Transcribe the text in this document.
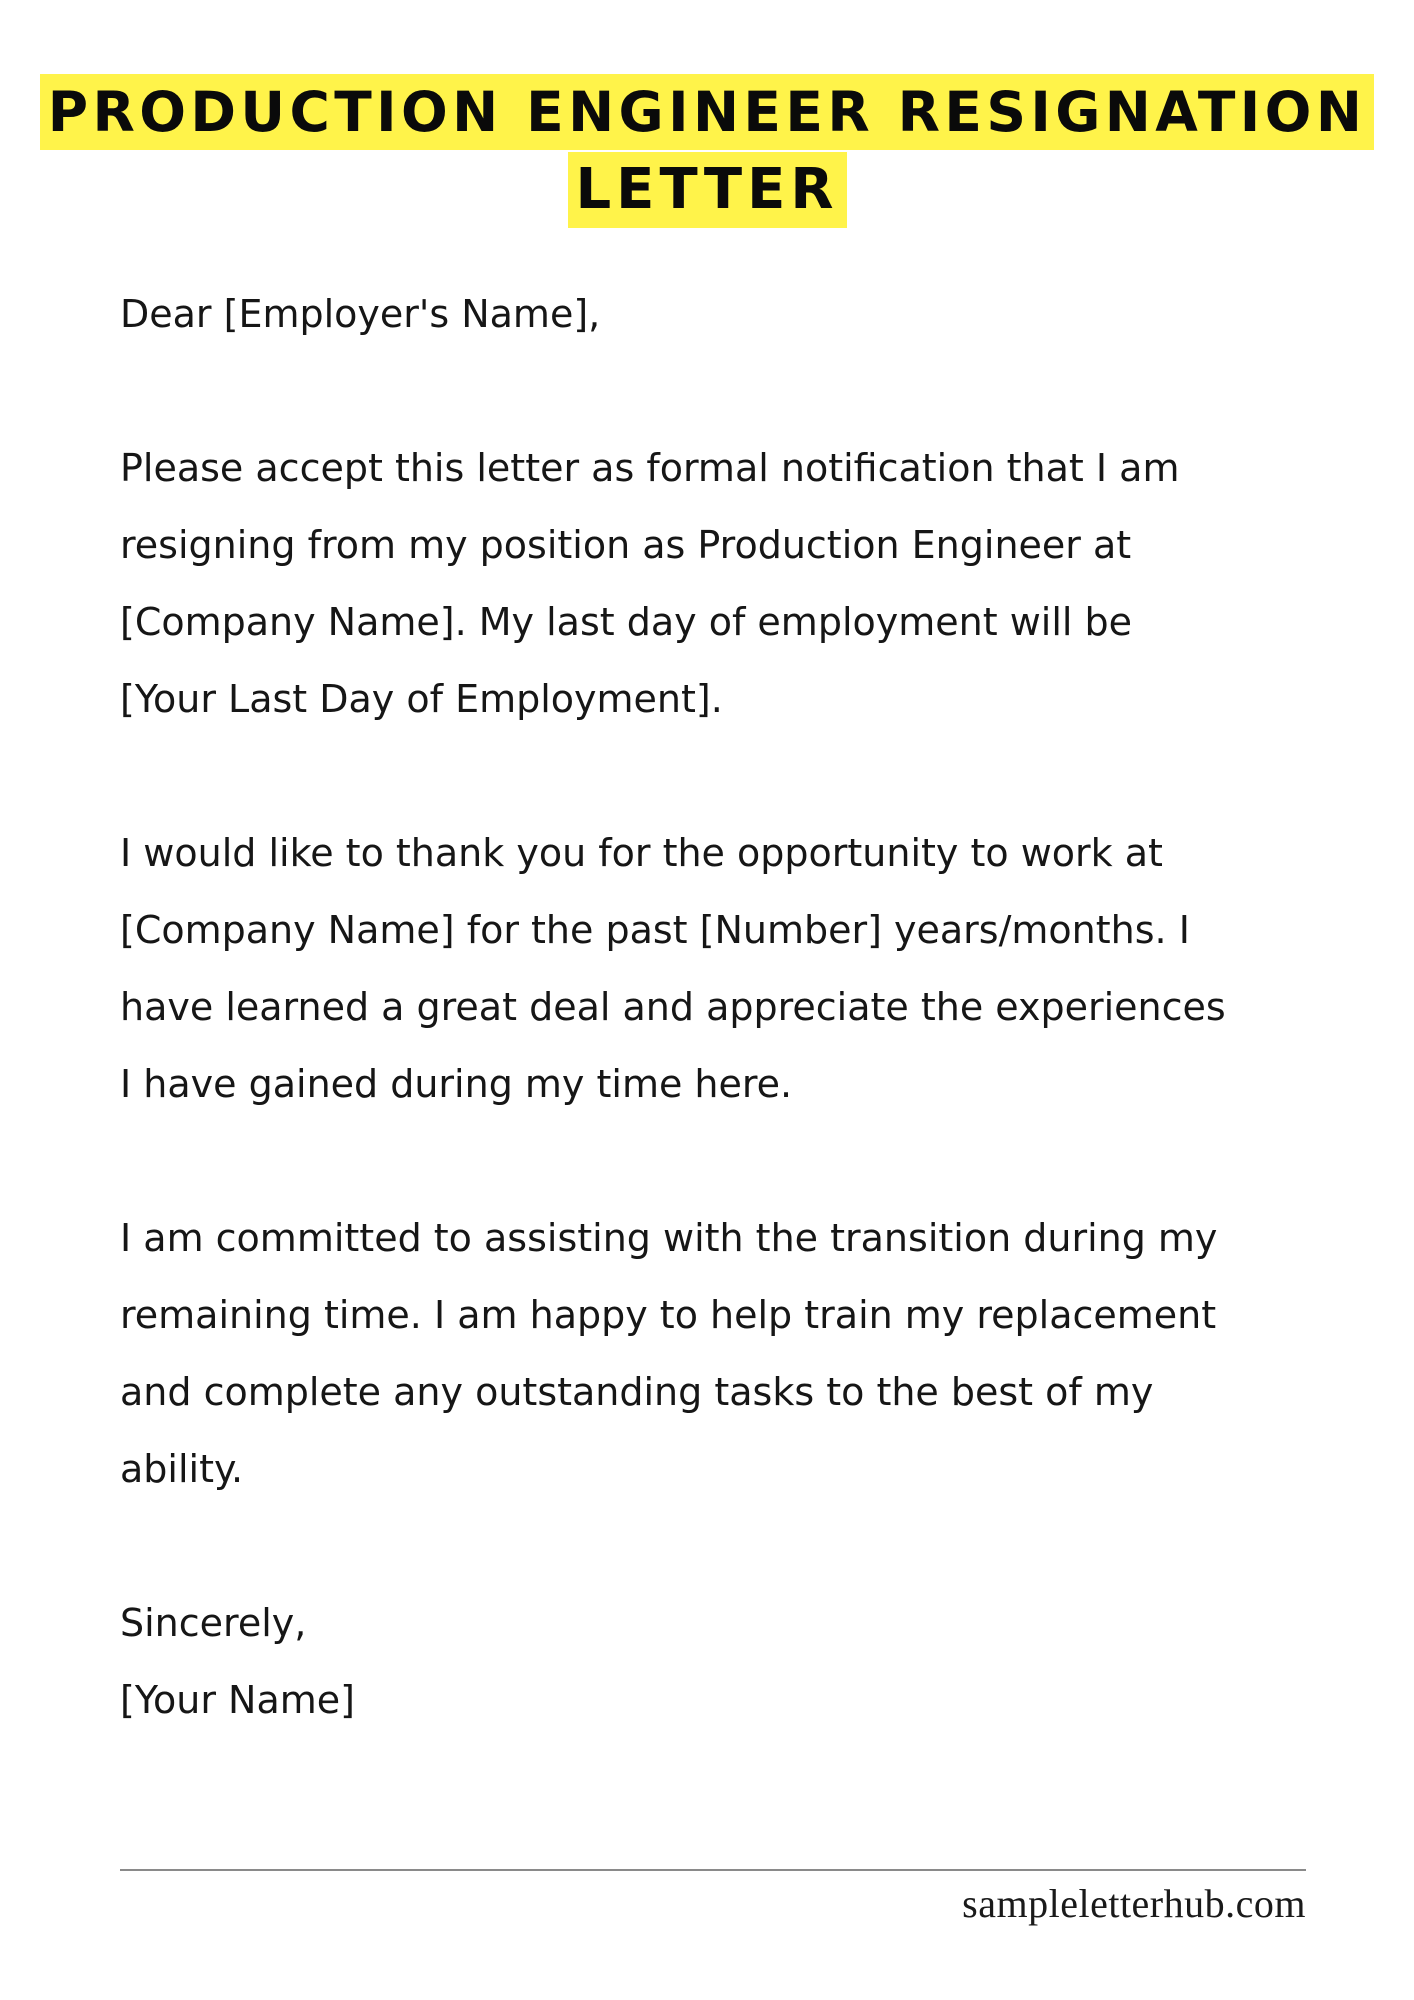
PRODUCTION ENGINEER RESIGNATION
LETTER

Dear [Employer's Name],

Please accept this letter as formal notification that I am

resigning from my position as Production Engineer at

[Company Name]. My last day of employment will be

[Your Last Day of Employment].

I would like to thank you for the opportunity to work at

[Company Name] for the past [Number] years/months. I

have learned a great deal and appreciate the experiences

I have gained during my time here.

I am committed to assisting with the transition during my

remaining time. I am happy to help train my replacement

and complete any outstanding tasks to the best of my

ability.

Sincerely,

[Your Name]

sampleletterhub.com
